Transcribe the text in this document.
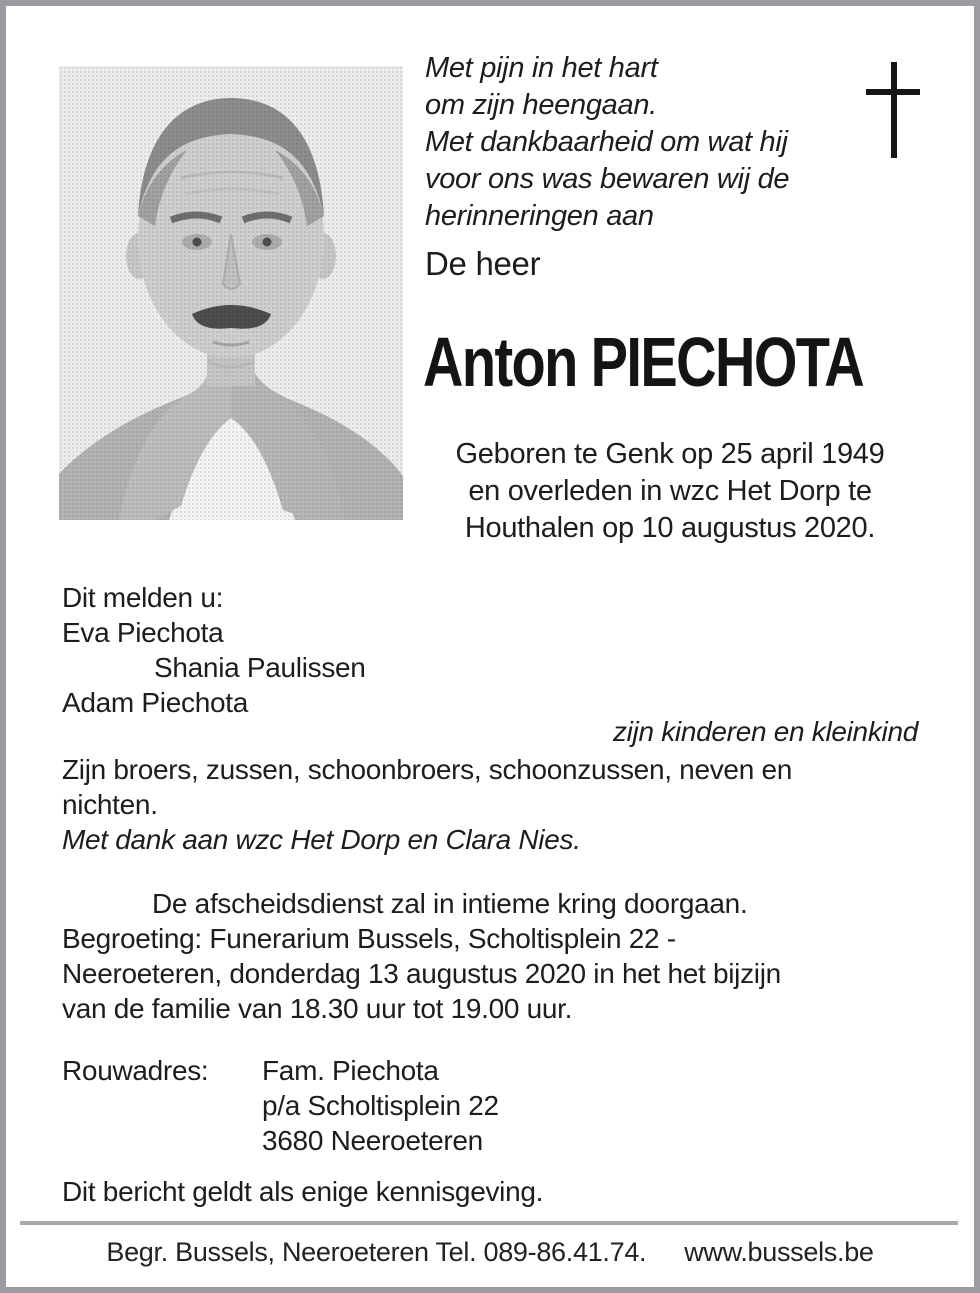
Met pijn in het hart
om zijn heengaan.
Met dankbaarheid om wat hij
voor ons was bewaren wij de
herinneringen aan
De heer
Anton PIECHOTA
Geboren te Genk op 25 april 1949
en overleden in wzc Het Dorp te
Houthalen op 10 augustus 2020.
Dit melden u:
Eva Piechota
Shania Paulissen
Adam Piechota
zijn kinderen en kleinkind
Zijn broers, zussen, schoonbroers, schoonzussen, neven en
nichten.
Met dank aan wzc Het Dorp en Clara Nies.
De afscheidsdienst zal in intieme kring doorgaan.
Begroeting: Funerarium Bussels, Scholtisplein 22 -
Neeroeteren, donderdag 13 augustus 2020 in het het bijzijn
van de familie van 18.30 uur tot 19.00 uur.
Rouwadres:	Fam. Piechota
p/a Scholtisplein 22
3680 Neeroeteren
Dit bericht geldt als enige kennisgeving.
Begr. Bussels, Neeroeteren Tel. 089-86.41.74. www.bussels.be
